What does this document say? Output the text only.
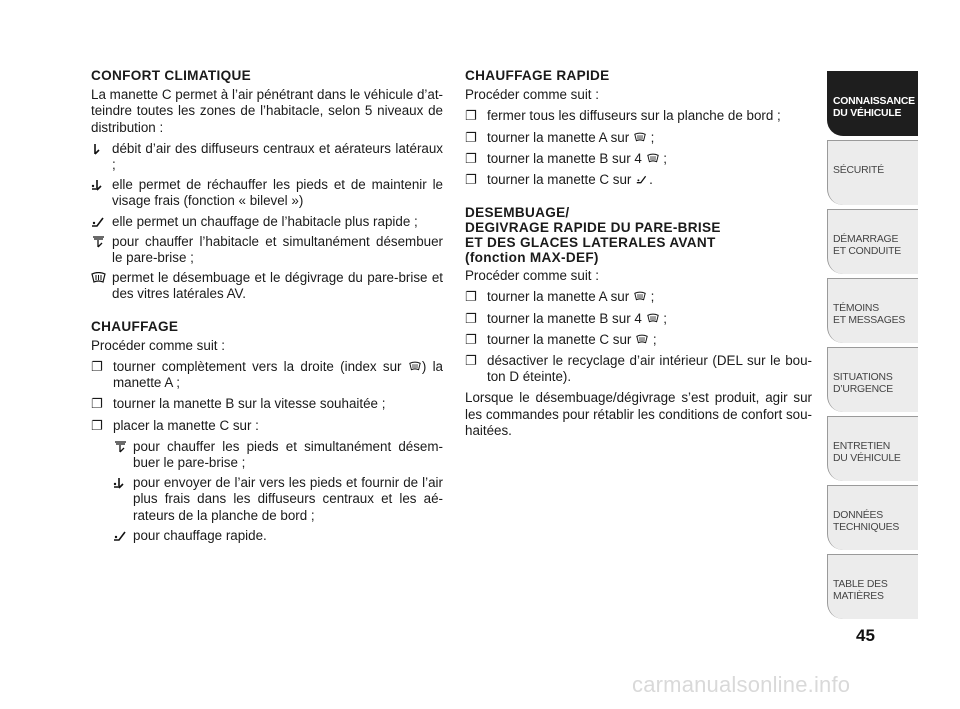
CONFORT CLIMATIQUE

La manette C permet à l’air pénétrant dans le véhicule d’at-teindre toutes les zones de l’habitacle, selon 5 niveaux de distribution :

débit d’air des diffuseurs centraux et aérateurs latéraux ;
elle permet de réchauffer les pieds et de maintenir le visage frais (fonction « bilevel »)
elle permet un chauffage de l’habitacle plus rapide ;
pour chauffer l’habitacle et simultanément désembuer le pare-brise ;
permet le désembuage et le dégivrage du pare-brise et des vitres latérales AV.
CHAUFFAGE

Procéder comme suit :

❐ tourner complètement vers la droite (index sur ) la manette A ;
❐ tourner la manette B sur la vitesse souhaitée ;
❐ placer la manette C sur :
pour chauffer les pieds et simultanément désem-buer le pare-brise ;
pour envoyer de l’air vers les pieds et fournir de l’air plus frais dans les diffuseurs centraux et les aé-rateurs de la planche de bord ;
pour chauffage rapide.
CHAUFFAGE RAPIDE

Procéder comme suit :

❐ fermer tous les diffuseurs sur la planche de bord ;
❐ tourner la manette A sur  ;
❐ tourner la manette B sur 4  ;
❐ tourner la manette C sur .
DESEMBUAGE/
DEGIVRAGE RAPIDE DU PARE-BRISE
ET DES GLACES LATERALES AVANT
(fonction MAX-DEF)

Procéder comme suit :

❐ tourner la manette A sur  ;
❐ tourner la manette B sur 4  ;
❐ tourner la manette C sur  ;
❐ désactiver le recyclage d’air intérieur (DEL sur le bou-ton D éteinte).

Lorsque le désembuage/dégivrage s’est produit, agir sur les commandes pour rétablir les conditions de confort sou-haitées.

CONNAISSANCE
DU VÉHICULE
SÉCURITÉ
DÉMARRAGE
ET CONDUITE
TÉMOINS
ET MESSAGES
SITUATIONS
D’URGENCE
ENTRETIEN
DU VÉHICULE
DONNÉES
TECHNIQUES
TABLE DES
MATIÈRES
45
carmanualsonline.info
